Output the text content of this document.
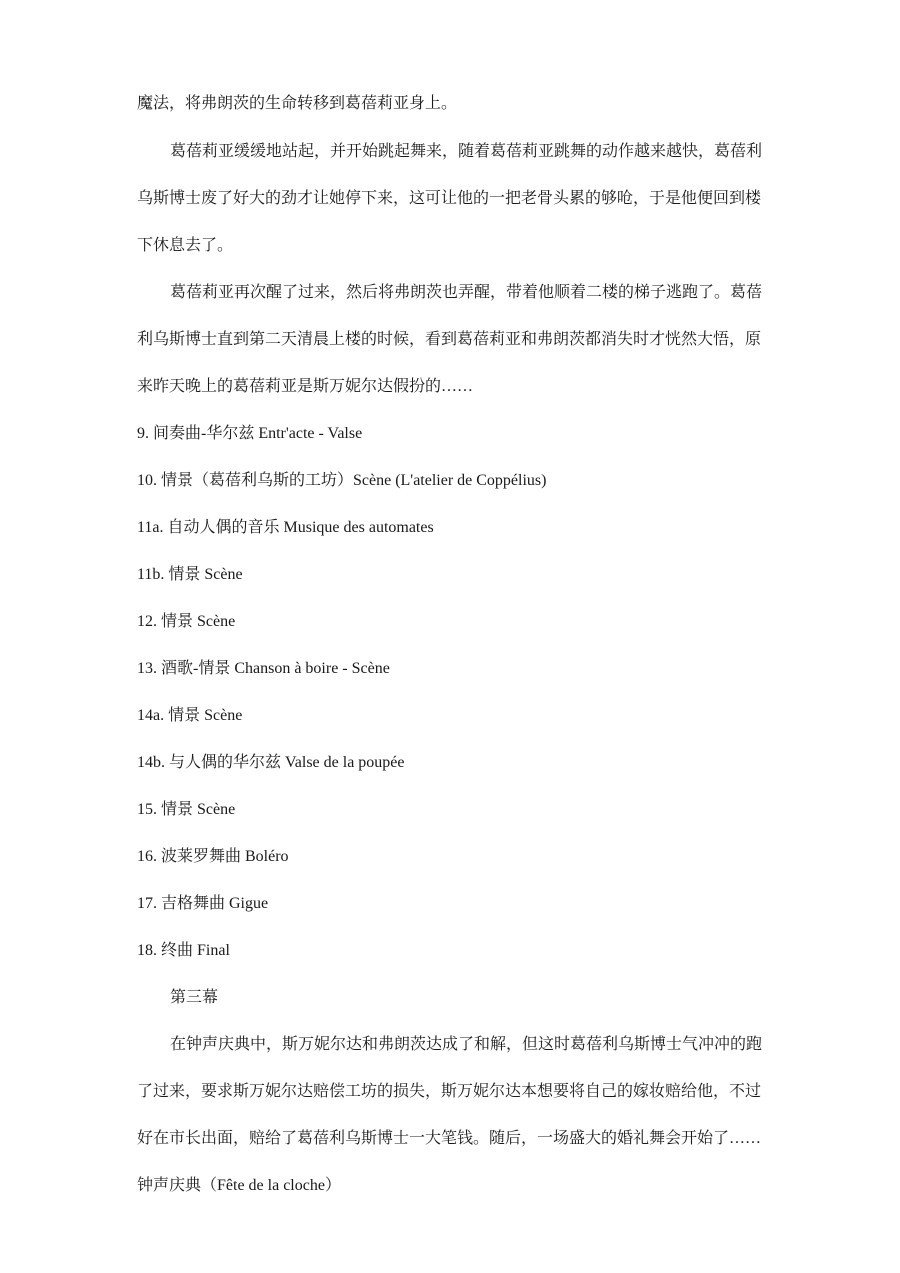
魔法，将弗朗茨的生命转移到葛蓓莉亚身上。
葛蓓莉亚缓缓地站起，并开始跳起舞来，随着葛蓓莉亚跳舞的动作越来越快，葛蓓利
乌斯博士废了好大的劲才让她停下来，这可让他的一把老骨头累的够呛，于是他便回到楼
下休息去了。
葛蓓莉亚再次醒了过来，然后将弗朗茨也弄醒，带着他顺着二楼的梯子逃跑了。葛蓓
利乌斯博士直到第二天清晨上楼的时候，看到葛蓓莉亚和弗朗茨都消失时才恍然大悟，原
来昨天晚上的葛蓓莉亚是斯万妮尔达假扮的……
9. 间奏曲-华尔兹 Entr'acte - Valse
10. 情景（葛蓓利乌斯的工坊）Scène (L'atelier de Coppélius)
11a. 自动人偶的音乐 Musique des automates
11b. 情景 Scène
12. 情景 Scène
13. 酒歌-情景 Chanson à boire - Scène
14a. 情景 Scène
14b. 与人偶的华尔兹 Valse de la poupée
15. 情景 Scène
16. 波莱罗舞曲 Boléro
17. 吉格舞曲 Gigue
18. 终曲 Final
第三幕
在钟声庆典中，斯万妮尔达和弗朗茨达成了和解，但这时葛蓓利乌斯博士气冲冲的跑
了过来，要求斯万妮尔达赔偿工坊的损失，斯万妮尔达本想要将自己的嫁妆赔给他，不过
好在市长出面，赔给了葛蓓利乌斯博士一大笔钱。随后，一场盛大的婚礼舞会开始了……
钟声庆典（Fête de la cloche）
